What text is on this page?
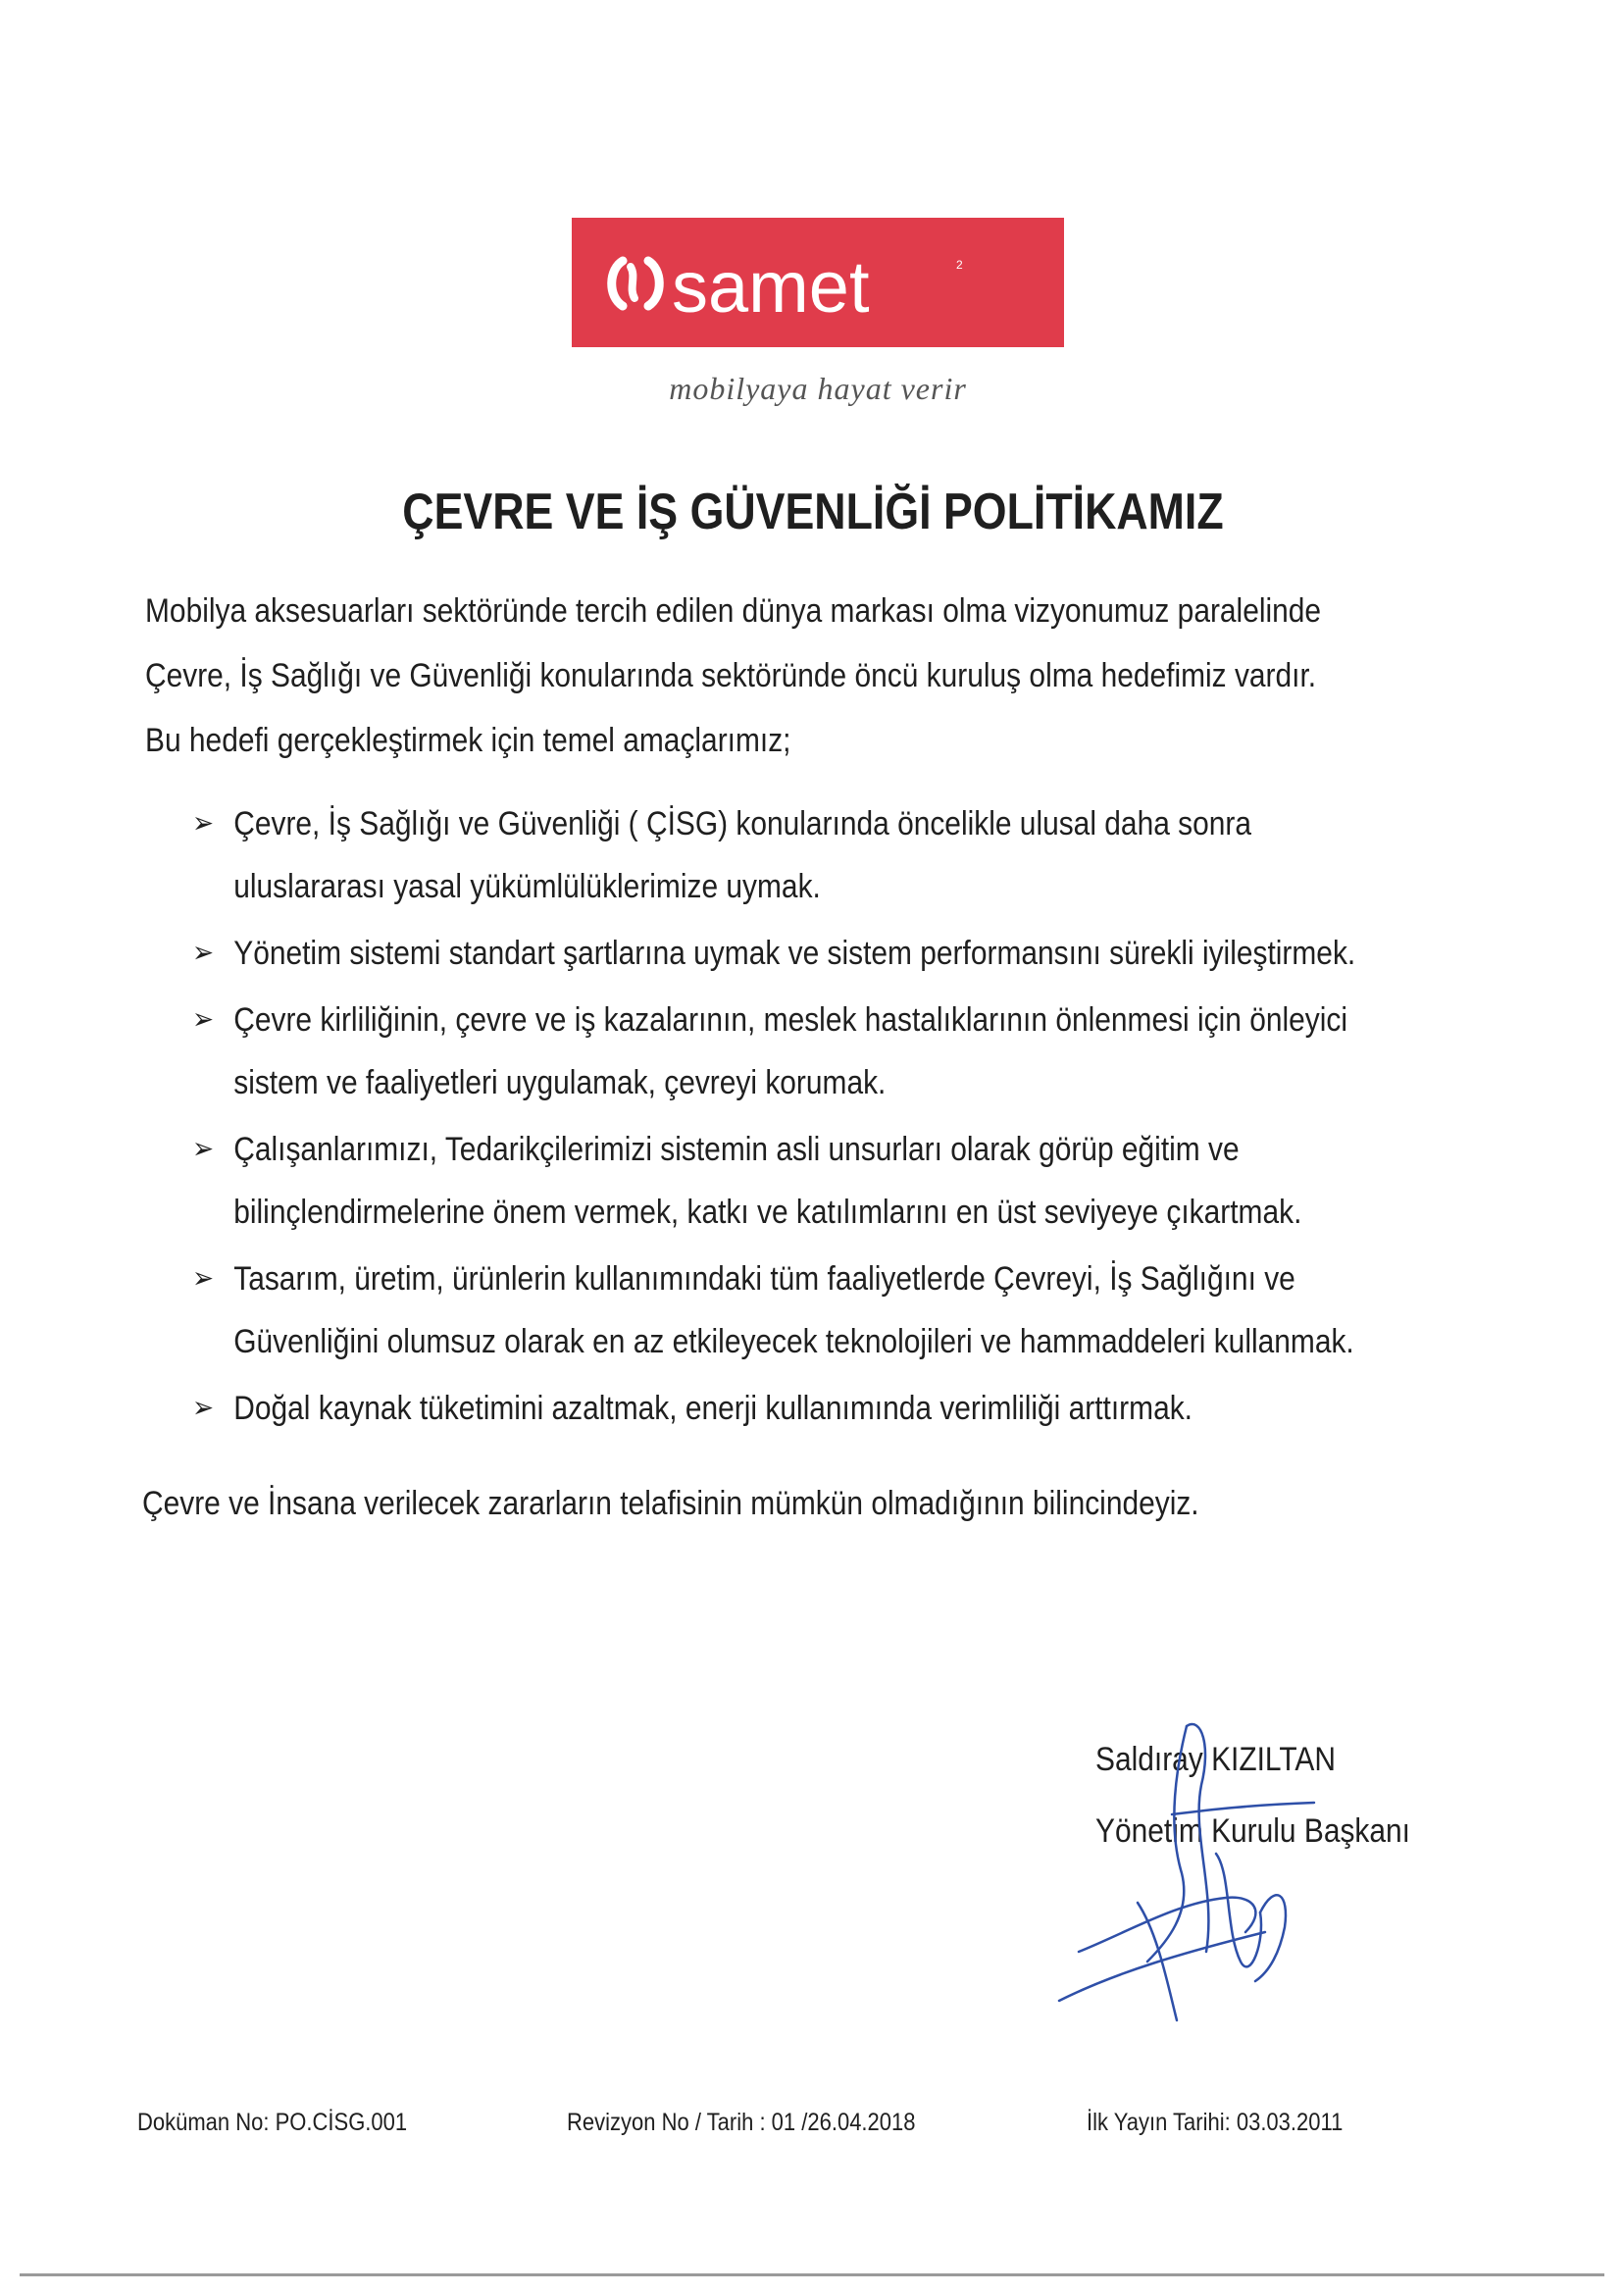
samet	2
mobilyaya hayat verir
ÇEVRE VE İŞ GÜVENLİĞİ POLİTİKAMIZ
Mobilya aksesuarları sektöründe tercih edilen dünya markası olma vizyonumuz paralelinde
Çevre, İş Sağlığı ve Güvenliği konularında sektöründe öncü kuruluş olma hedefimiz vardır.
Bu hedefi gerçekleştirmek için temel amaçlarımız;
➢ Çevre, İş Sağlığı ve Güvenliği ( ÇİSG) konularında öncelikle ulusal daha sonra
uluslararası yasal yükümlülüklerimize uymak.
➢ Yönetim sistemi standart şartlarına uymak ve sistem performansını sürekli iyileştirmek.
➢ Çevre kirliliğinin, çevre ve iş kazalarının, meslek hastalıklarının önlenmesi için önleyici
sistem ve faaliyetleri uygulamak, çevreyi korumak.
➢ Çalışanlarımızı, Tedarikçilerimizi sistemin asli unsurları olarak görüp eğitim ve
bilinçlendirmelerine önem vermek, katkı ve katılımlarını en üst seviyeye çıkartmak.
➢ Tasarım, üretim, ürünlerin kullanımındaki tüm faaliyetlerde Çevreyi, İş Sağlığını ve
Güvenliğini olumsuz olarak en az etkileyecek teknolojileri ve hammaddeleri kullanmak.
➢ Doğal kaynak tüketimini azaltmak, enerji kullanımında verimliliği arttırmak.
Çevre ve İnsana verilecek zararların telafisinin mümkün olmadığının bilincindeyiz.
Saldıray KIZILTAN
Yönetim Kurulu Başkanı
Doküman No: PO.CİSG.001	Revizyon No / Tarih : 01 /26.04.2018	İlk Yayın Tarihi: 03.03.2011
